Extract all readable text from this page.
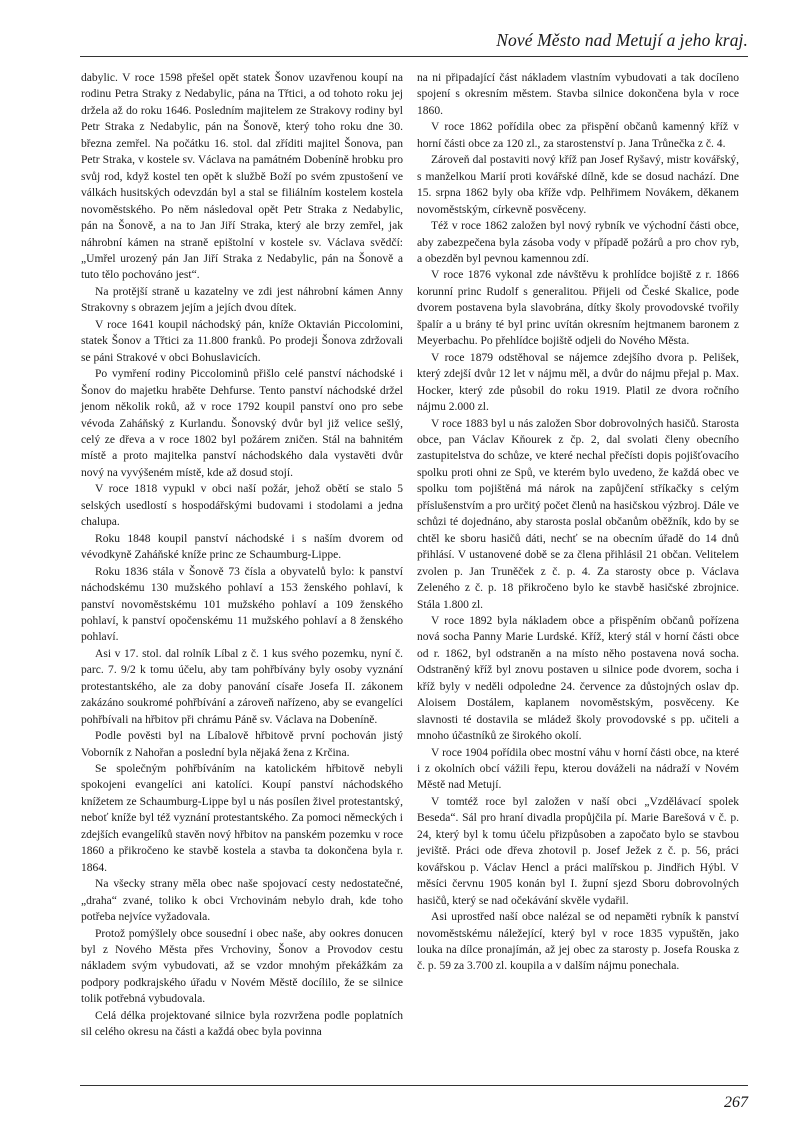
Nové Město nad Metují a jeho kraj.

dabylic. V roce 1598 přešel opět statek Šonov uzavřenou koupí na rodinu Petra Straky z Nedabylic, pána na Třtici, a od tohoto roku jej držela až do roku 1646. Posledním majitelem ze Strakovy rodiny byl Petr Straka z Nedabylic, pán na Šonově, který toho roku dne 30. března zemřel. Na počátku 16. stol. dal zříditi majitel Šonova, pan Petr Straka, v kostele sv. Václava na památném Dobeníně hrobku pro svůj rod, když kostel ten opět k službě Boží po svém zpustošení ve válkách husitských odevzdán byl a stal se filiálním kostelem kostela novoměstského. Po něm následoval opět Petr Straka z Nedabylic, pán na Šonově, a na to Jan Jiří Straka, který ale brzy zemřel, jak náhrobní kámen na straně epištolní v kostele sv. Václava svědčí: „Umřel urozený pán Jan Jiří Straka z Nedabylic, pán na Šonově a tuto tělo pochováno jest“.

Na protější straně u kazatelny ve zdi jest náhrobní kámen Anny Strakovny s obrazem jejím a jejích dvou dítek.

V roce 1641 koupil náchodský pán, kníže Oktavián Piccolomini, statek Šonov a Třtici za 11.800 franků. Po prodeji Šonova zdržovali se páni Strakové v obci Bohuslavicích.

Po vymření rodiny Piccolominů přišlo celé panství náchodské i Šonov do majetku hraběte Dehfurse. Tento panství náchodské držel jenom několik roků, až v roce 1792 koupil panství ono pro sebe vévoda Zaháňský z Kurlandu. Šonovský dvůr byl již velice sešlý, celý ze dřeva a v roce 1802 byl požárem zničen. Stál na bahnitém místě a proto majitelka panství náchodského dala vystavěti dvůr nový na vyvýšeném místě, kde až dosud stojí.

V roce 1818 vypukl v obci naší požár, jehož obětí se stalo 5 selských usedlostí s hospodářskými budovami i stodolami a jedna chalupa.

Roku 1848 koupil panství náchodské i s naším dvorem od vévodkyně Zaháňské kníže princ ze Schaumburg-Lippe.

Roku 1836 stála v Šonově 73 čísla a obyvatelů bylo: k panství náchodskému 130 mužského pohlaví a 153 ženského pohlaví, k panství novoměstskému 101 mužského pohlaví a 109 ženského pohlaví, k panství opočenskému 11 mužského pohlaví a 8 ženského pohlaví.

Asi v 17. stol. dal rolník Líbal z č. 1 kus svého pozemku, nyní č. parc. 7. 9/2 k tomu účelu, aby tam pohřbívány byly osoby vyznání protestantského, ale za doby panování císaře Josefa II. zákonem zakázáno soukromé pohřbívání a zároveň nařízeno, aby se evangelíci pohřbívali na hřbitov při chrámu Páně sv. Václava na Dobeníně.

Podle pověsti byl na Líbalově hřbitově první pochován jistý Voborník z Nahořan a poslední byla nějaká žena z Krčina.

Se společným pohřbíváním na katolickém hřbitově nebyli spokojeni evangelíci ani katolíci. Koupí panství náchodského knížetem ze Schaumburg-Lippe byl u nás posílen živel protestantský, neboť kníže byl též vyznání protestantského. Za pomoci německých i zdejších evangelíků stavěn nový hřbitov na panském pozemku v roce 1860 a přikročeno ke stavbě kostela a stavba ta dokončena byla r. 1864.

Na všecky strany měla obec naše spojovací cesty nedostatečné, „draha“ zvané, toliko k obci Vrchovinám nebylo drah, kde toho potřeba nejvíce vyžadovala.

Protož pomýšlely obce sousední i obec naše, aby ookres donucen byl z Nového Města přes Vrchoviny, Šonov a Provodov cestu nákladem svým vybudovati, až se vzdor mnohým překážkám za podpory podkrajského úřadu v Novém Městě docílilo, že se silnice tolik potřebná vybudovala.

Celá délka projektované silnice byla rozvržena podle poplatních sil celého okresu na části a každá obec byla povinna

na ni připadající část nákladem vlastním vybudovati a tak docíleno spojení s okresním městem. Stavba silnice dokončena byla v roce 1860.

V roce 1862 pořídila obec za přispění občanů kamenný kříž v horní části obce za 120 zl., za starostenství p. Jana Trůnečka z č. 4.

Zároveň dal postaviti nový kříž pan Josef Ryšavý, mistr kovářský, s manželkou Marií proti kovářské dílně, kde se dosud nachází. Dne 15. srpna 1862 byly oba kříže vdp. Pelhřimem Novákem, děkanem novoměstským, církevně posvěceny.

Též v roce 1862 založen byl nový rybník ve východní části obce, aby zabezpečena byla zásoba vody v případě požárů a pro chov ryb, a obezděn byl pevnou kamennou zdí.

V roce 1876 vykonal zde návštěvu k prohlídce bojiště z r. 1866 korunní princ Rudolf s generalitou. Přijeli od České Skalice, pode dvorem postavena byla slavobrána, dítky školy provodovské tvořily špalír a u brány té byl princ uvítán okresním hejtmanem baronem z Meyerbachu. Po přehlídce bojiště odjeli do Nového Města.

V roce 1879 odstěhoval se nájemce zdejšího dvora p. Pelišek, který zdejší dvůr 12 let v nájmu měl, a dvůr do nájmu přejal p. Max. Hocker, který zde působil do roku 1919. Platil ze dvora ročního nájmu 2.000 zl.

V roce 1883 byl u nás založen Sbor dobrovolných hasičů. Starosta obce, pan Václav Kňourek z čp. 2, dal svolati členy obecního zastupitelstva do schůze, ve které nechal přečísti dopis pojišťovacího spolku proti ohni ze Spů, ve kterém bylo uvedeno, že každá obec ve spolku tom pojištěná má nárok na zapůjčení stříkačky s celým příslušenstvím a pro určitý počet členů na hasičskou výzbroj. Dále ve schůzi té dojednáno, aby starosta poslal občanům oběžník, kdo by se chtěl ke sboru hasičů dáti, nechť se na obecním úřadě do 14 dnů přihlásí. V ustanovené době se za člena přihlásil 21 občan. Velitelem zvolen p. Jan Truněček z č. p. 4. Za starosty obce p. Václava Zeleného z č. p. 18 přikročeno bylo ke stavbě hasičské zbrojnice. Stála 1.800 zl.

V roce 1892 byla nákladem obce a přispěním občanů pořízena nová socha Panny Marie Lurdské. Kříž, který stál v horní části obce od r. 1862, byl odstraněn a na místo něho postavena nová socha. Odstraněný kříž byl znovu postaven u silnice pode dvorem, socha i kříž byly v neděli odpoledne 24. července za důstojných oslav dp. Aloisem Dostálem, kaplanem novoměstským, posvěceny. Ke slavnosti té dostavila se mládež školy provodovské s pp. učiteli a mnoho účastníků ze širokého okolí.

V roce 1904 pořídila obec mostní váhu v horní části obce, na které i z okolních obcí vážili řepu, kterou dováželi na nádraží v Novém Městě nad Metují.

V tomtéž roce byl založen v naší obci „Vzdělávací spolek Beseda“. Sál pro hraní divadla propůjčila pí. Marie Barešová v č. p. 24, který byl k tomu účelu přizpůsoben a započato bylo se stavbou jeviště. Práci ode dřeva zhotovil p. Josef Ježek z č. p. 56, práci kovářskou p. Václav Hencl a práci malířskou p. Jindřich Hýbl. V měsíci červnu 1905 konán byl I. župní sjezd Sboru dobrovolných hasičů, který se nad očekávání skvěle vydařil.

Asi uprostřed naší obce nalézal se od nepaměti rybník k panství novoměstskému náležející, který byl v roce 1835 vypuštěn, jako louka na dílce pronajímán, až jej obec za starosty p. Josefa Rouska z č. p. 59 za 3.700 zl. koupila a v dalším nájmu ponechala.

267
